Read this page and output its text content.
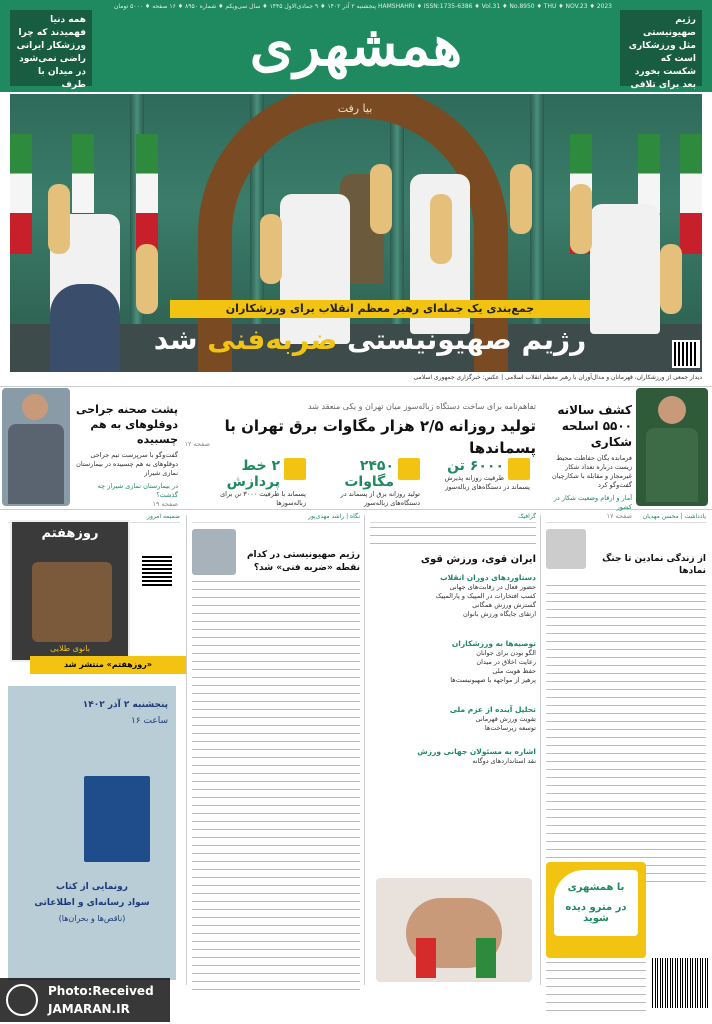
رژیم صهیونیستی مثل ورزشکاری است که شکست بخورد بعد برای تلافی
همه دنیا فهمیدند که چرا ورزشکار ایرانی راضی نمی‌شود در میدان با طرف
همشهری
HAMSHAHRI ♦ ISSN:1735-6386 ♦ Vol.31 ♦ No.8950 ♦ THU ♦ NOV.23 ♦ 2023 پنجشنبه ۲ آذر ۱۴۰۲ ♦ ۹ جمادی‌الاول ۱۴۴۵ ♦ سال سی‌ویکم ♦ شماره ۸۹۵۰ ♦ ۱۶ صفحه ♦ ۵۰۰۰ تومان
بیا رفت
جمع‌بندی یک جمله‌ای رهبر معظم انقلاب برای ورزشکاران
رژیم صهیونیستی ضربه‌فنی شد
دیدار جمعی از ورزشکاران، قهرمانان و مدال‌آوران با رهبر معظم انقلاب اسلامی | عکس: خبرگزاری جمهوری اسلامی
کشف سالانه
۵۵۰۰ اسلحه شکاری
فرمانده یگان حفاظت محیط زیست درباره تعداد شکار غیرمجاز و مقابله با شکارچیان گفت‌وگو کرد
آمار و ارقام وضعیت شکار در کشور
صفحه ۱۷
تفاهم‌نامه برای ساخت دستگاه زباله‌سوز میان تهران و یکی منعقد شد
تولید روزانه ۲/۵ هزار مگاوات برق تهران با پسماندها
۶۰۰۰ تن
ظرفیت روزانه پذیرش پسماند در دستگاه‌های زباله‌سوز
۲۴۵۰ مگاوات
تولید روزانه برق از پسماند در دستگاه‌های زباله‌سوز
۲ خط پردازش
پسماند با ظرفیت ۳۰۰۰ تن برای زباله‌سوزها
صفحه ۱۲
پشت صحنه جراحی
دوقلوهای به هم چسبیده
گفت‌وگو با سرپرست تیم جراحی دوقلوهای به هم چسبیده در بیمارستان نمازی شیراز
در بیمارستان نمازی شیراز چه گذشت؟
صفحه ۱۹
یادداشت | محسن مهدیان
از زندگی نمادین تا جنگ نمادها
با همشهری
در مترو دیده شوید
گرافیک
ایران قوی، ورزش قوی
دستاوردهای دوران انقلاب
حضور فعال در رقابت‌های جهانی
کسب افتخارات در المپیک و پارالمپیک
گسترش ورزش همگانی
ارتقای جایگاه ورزش بانوان
توصیه‌ها به ورزشکاران
الگو بودن برای جوانان
رعایت اخلاق در میدان
حفظ هویت ملی
پرهیز از مواجهه با صهیونیست‌ها
تحلیل آینده از عزم ملی
تقویت ورزش قهرمانی
توسعه زیرساخت‌ها
اشاره به مسئولان جهانی ورزش
نقد استانداردهای دوگانه
نگاه | راشد مهدی‌پور
رژیم صهیونیستی در کدام نقطه «ضربه فنی» شد؟
ضمیمه امروز
روزهفتم
بانوی طلایی
«روزهفتم» منتشر شد
پنجشنبه ۲ آذر ۱۴۰۲
ساعت ۱۶
رونمایی از کتاب
سواد رسانه‌ای و اطلاعاتی
(ناقص‌ها و بحران‌ها)
Photo:Received
JAMARAN.IR
